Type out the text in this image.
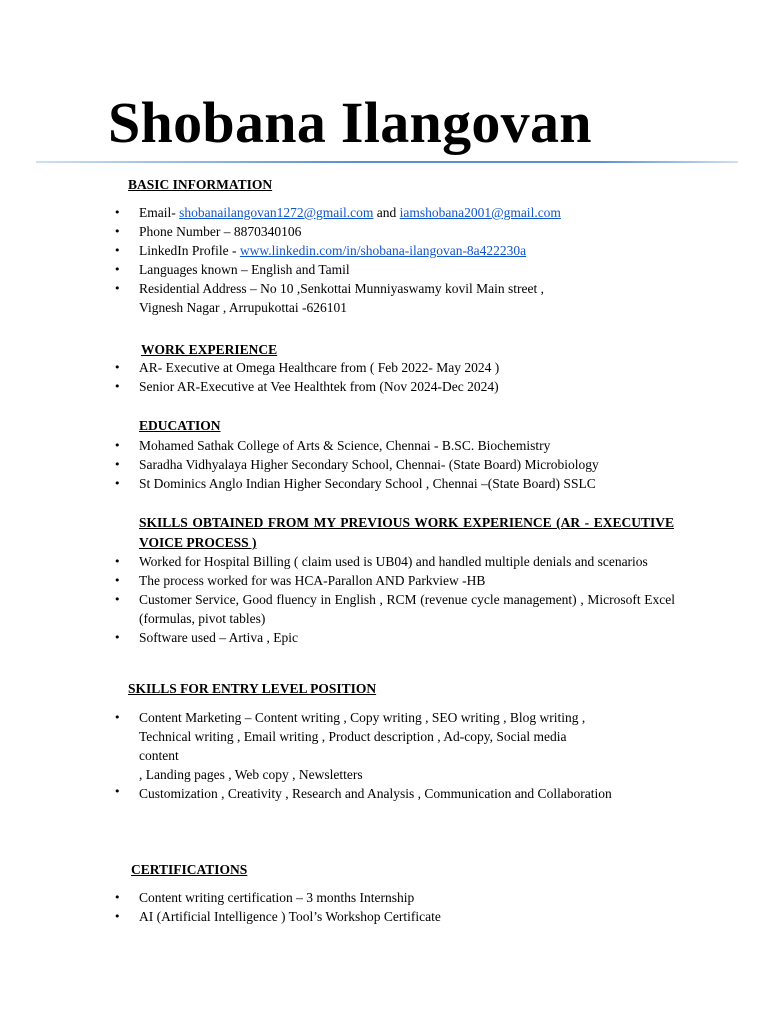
Shobana Ilangovan
BASIC INFORMATION
• Email- shobanailangovan1272@gmail.com and iamshobana2001@gmail.com
• Phone Number – 8870340106
• LinkedIn Profile - www.linkedin.com/in/shobana-ilangovan-8a422230a
• Languages known – English and Tamil
• Residential Address – No 10 ,Senkottai Munniyaswamy kovil Main street ,
Vignesh Nagar , Arrupukottai -626101
WORK EXPERIENCE
• AR- Executive at Omega Healthcare from ( Feb 2022- May 2024 )
• Senior AR-Executive at Vee Healthtek from (Nov 2024-Dec 2024)
EDUCATION
• Mohamed Sathak College of Arts & Science, Chennai - B.SC. Biochemistry
• Saradha Vidhyalaya Higher Secondary School, Chennai- (State Board) Microbiology
• St Dominics Anglo Indian Higher Secondary School , Chennai –(State Board) SSLC
SKILLS OBTAINED FROM MY PREVIOUS WORK EXPERIENCE (AR - EXECUTIVE VOICE PROCESS )
• Worked for Hospital Billing ( claim used is UB04) and handled multiple denials and scenarios
• The process worked for was HCA-Parallon AND Parkview -HB
• Customer Service, Good fluency in English , RCM (revenue cycle management) , Microsoft Excel (formulas, pivot tables)
• Software used – Artiva , Epic
SKILLS FOR ENTRY LEVEL POSITION
• Content Marketing – Content writing , Copy writing , SEO writing , Blog writing ,
Technical writing , Email writing , Product description , Ad-copy, Social media
content
, Landing pages , Web copy , Newsletters
• Customization , Creativity , Research and Analysis , Communication and Collaboration
CERTIFICATIONS
• Content writing certification – 3 months Internship
• AI (Artificial Intelligence ) Tool’s Workshop Certificate
